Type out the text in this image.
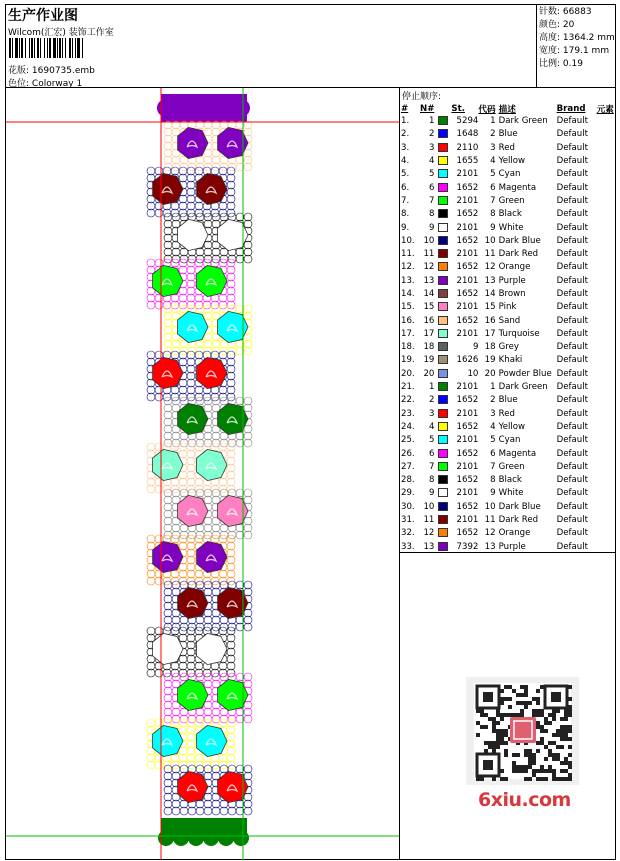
生产作业图
Wilcom(汇宏) 装饰工作室
花版: 1690735.emb
色位: Colorway 1
针数: 66883
颜色: 20
高度: 1364.2 mm
宽度: 179.1 mm
比例: 0.19
停止顺序:
#	N#		St.	代码	描述	Brand	元素
1.	1		5294	1	Dark Green	Default	
2.	2		1648	2	Blue	Default	
3.	3		2110	3	Red	Default	
4.	4		1655	4	Yellow	Default	
5.	5		2101	5	Cyan	Default	
6.	6		1652	6	Magenta	Default	
7.	7		2101	7	Green	Default	
8.	8		1652	8	Black	Default	
9.	9		2101	9	White	Default	
10.	10		1652	10	Dark Blue	Default	
11.	11		2101	11	Dark Red	Default	
12.	12		1652	12	Orange	Default	
13.	13		2101	13	Purple	Default	
14.	14		1652	14	Brown	Default	
15.	15		2101	15	Pink	Default	
16.	16		1652	16	Sand	Default	
17.	17		2101	17	Turquoise	Default	
18.	18		9	18	Grey	Default	
19.	19		1626	19	Khaki	Default	
20.	20		10	20	Powder Blue	Default	
21.	1		2101	1	Dark Green	Default	
22.	2		1652	2	Blue	Default	
23.	3		2101	3	Red	Default	
24.	4		1652	4	Yellow	Default	
25.	5		2101	5	Cyan	Default	
26.	6		1652	6	Magenta	Default	
27.	7		2101	7	Green	Default	
28.	8		1652	8	Black	Default	
29.	9		2101	9	White	Default	
30.	10		1652	10	Dark Blue	Default	
31.	11		2101	11	Dark Red	Default	
32.	12		1652	12	Orange	Default	
33.	13		7392	13	Purple	Default	
6xiu.com
